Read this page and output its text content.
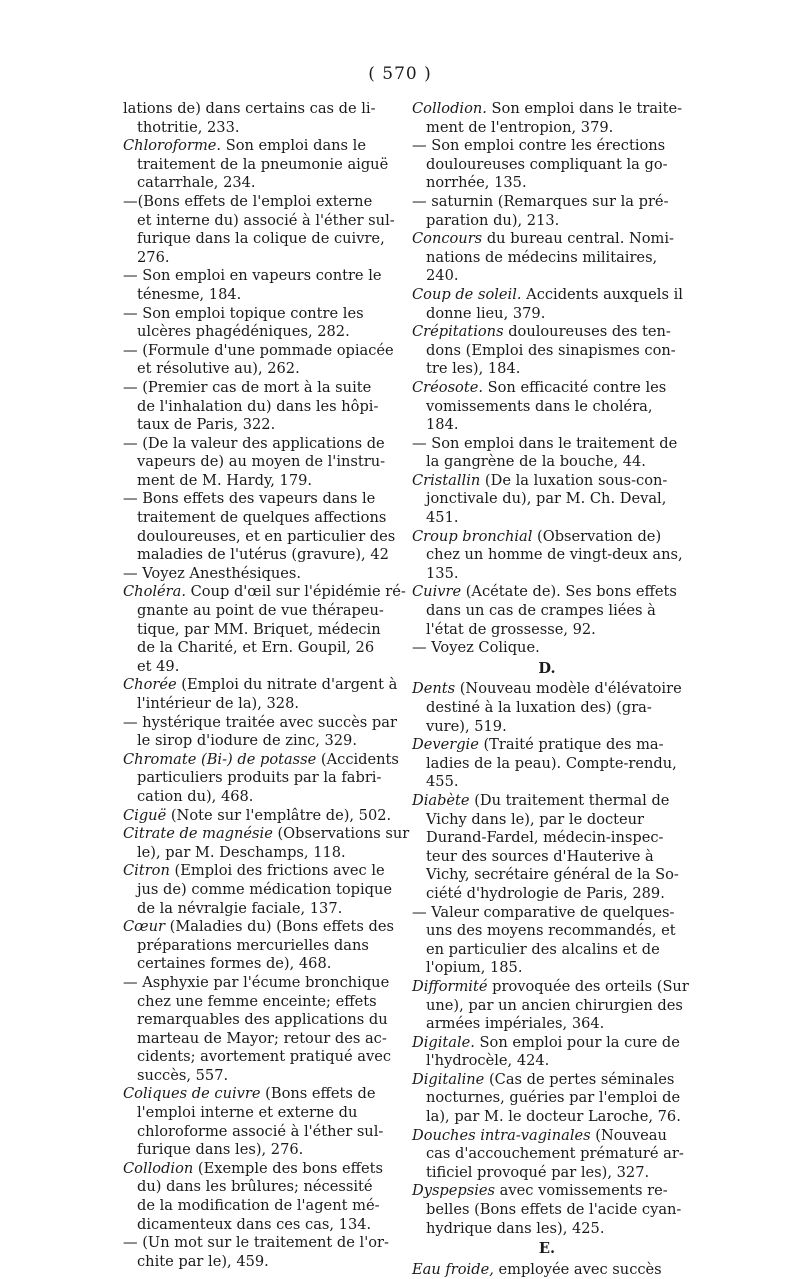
( 570 )
lations de) dans certains cas de li-
thotritie, 233.
Chloroforme. Son emploi dans le
traitement de la pneumonie aiguë
catarrhale, 234.
—(Bons effets de l'emploi externe
et interne du) associé à l'éther sul-
furique dans la colique de cuivre,
276.
— Son emploi en vapeurs contre le
ténesme, 184.
— Son emploi topique contre les
ulcères phagédéniques, 282.
— (Formule d'une pommade opiacée
et résolutive au), 262.
— (Premier cas de mort à la suite
de l'inhalation du) dans les hôpi-
taux de Paris, 322.
— (De la valeur des applications de
vapeurs de) au moyen de l'instru-
ment de M. Hardy, 179.
— Bons effets des vapeurs dans le
traitement de quelques affections
douloureuses, et en particulier des
maladies de l'utérus (gravure), 42
— Voyez Anesthésiques.
Choléra. Coup d'œil sur l'épidémie ré-
gnante au point de vue thérapeu-
tique, par MM. Briquet, médecin
de la Charité, et Ern. Goupil, 26
et 49.
Chorée (Emploi du nitrate d'argent à
l'intérieur de la), 328.
— hystérique traitée avec succès par
le sirop d'iodure de zinc, 329.
Chromate (Bi-) de potasse (Accidents
particuliers produits par la fabri-
cation du), 468.
Ciguë (Note sur l'emplâtre de), 502.
Citrate de magnésie (Observations sur
le), par M. Deschamps, 118.
Citron (Emploi des frictions avec le
jus de) comme médication topique
de la névralgie faciale, 137.
Cœur (Maladies du) (Bons effets des
préparations mercurielles dans
certaines formes de), 468.
— Asphyxie par l'écume bronchique
chez une femme enceinte; effets
remarquables des applications du
marteau de Mayor; retour des ac-
cidents; avortement pratiqué avec
succès, 557.
Coliques de cuivre (Bons effets de
l'emploi interne et externe du
chloroforme associé à l'éther sul-
furique dans les), 276.
Collodion (Exemple des bons effets
du) dans les brûlures; nécessité
de la modification de l'agent mé-
dicamenteux dans ces cas, 134.
— (Un mot sur le traitement de l'or-
chite par le), 459.
Collodion. Son emploi dans le traite-
ment de l'entropion, 379.
— Son emploi contre les érections
douloureuses compliquant la go-
norrhée, 135.
— saturnin (Remarques sur la pré-
paration du), 213.
Concours du bureau central. Nomi-
nations de médecins militaires,
240.
Coup de soleil. Accidents auxquels il
donne lieu, 379.
Crépitations douloureuses des ten-
dons (Emploi des sinapismes con-
tre les), 184.
Créosote. Son efficacité contre les
vomissements dans le choléra,
184.
— Son emploi dans le traitement de
la gangrène de la bouche, 44.
Cristallin (De la luxation sous-con-
jonctivale du), par M. Ch. Deval,
451.
Croup bronchial (Observation de)
chez un homme de vingt-deux ans,
135.
Cuivre (Acétate de). Ses bons effets
dans un cas de crampes liées à
l'état de grossesse, 92.
— Voyez Colique.
D.
Dents (Nouveau modèle d'élévatoire
destiné à la luxation des) (gra-
vure), 519.
Devergie (Traité pratique des ma-
ladies de la peau). Compte-rendu,
455.
Diabète (Du traitement thermal de
Vichy dans le), par le docteur
Durand-Fardel, médecin-inspec-
teur des sources d'Hauterive à
Vichy, secrétaire général de la So-
ciété d'hydrologie de Paris, 289.
— Valeur comparative de quelques-
uns des moyens recommandés, et
en particulier des alcalins et de
l'opium, 185.
Difformité provoquée des orteils (Sur
une), par un ancien chirurgien des
armées impériales, 364.
Digitale. Son emploi pour la cure de
l'hydrocèle, 424.
Digitaline (Cas de pertes séminales
nocturnes, guéries par l'emploi de
la), par M. le docteur Laroche, 76.
Douches intra-vaginales (Nouveau
cas d'accouchement prématuré ar-
tificiel provoqué par les), 327.
Dyspepsies avec vomissements re-
belles (Bons effets de l'acide cyan-
hydrique dans les), 425.
E.
Eau froide, employée avec succès
